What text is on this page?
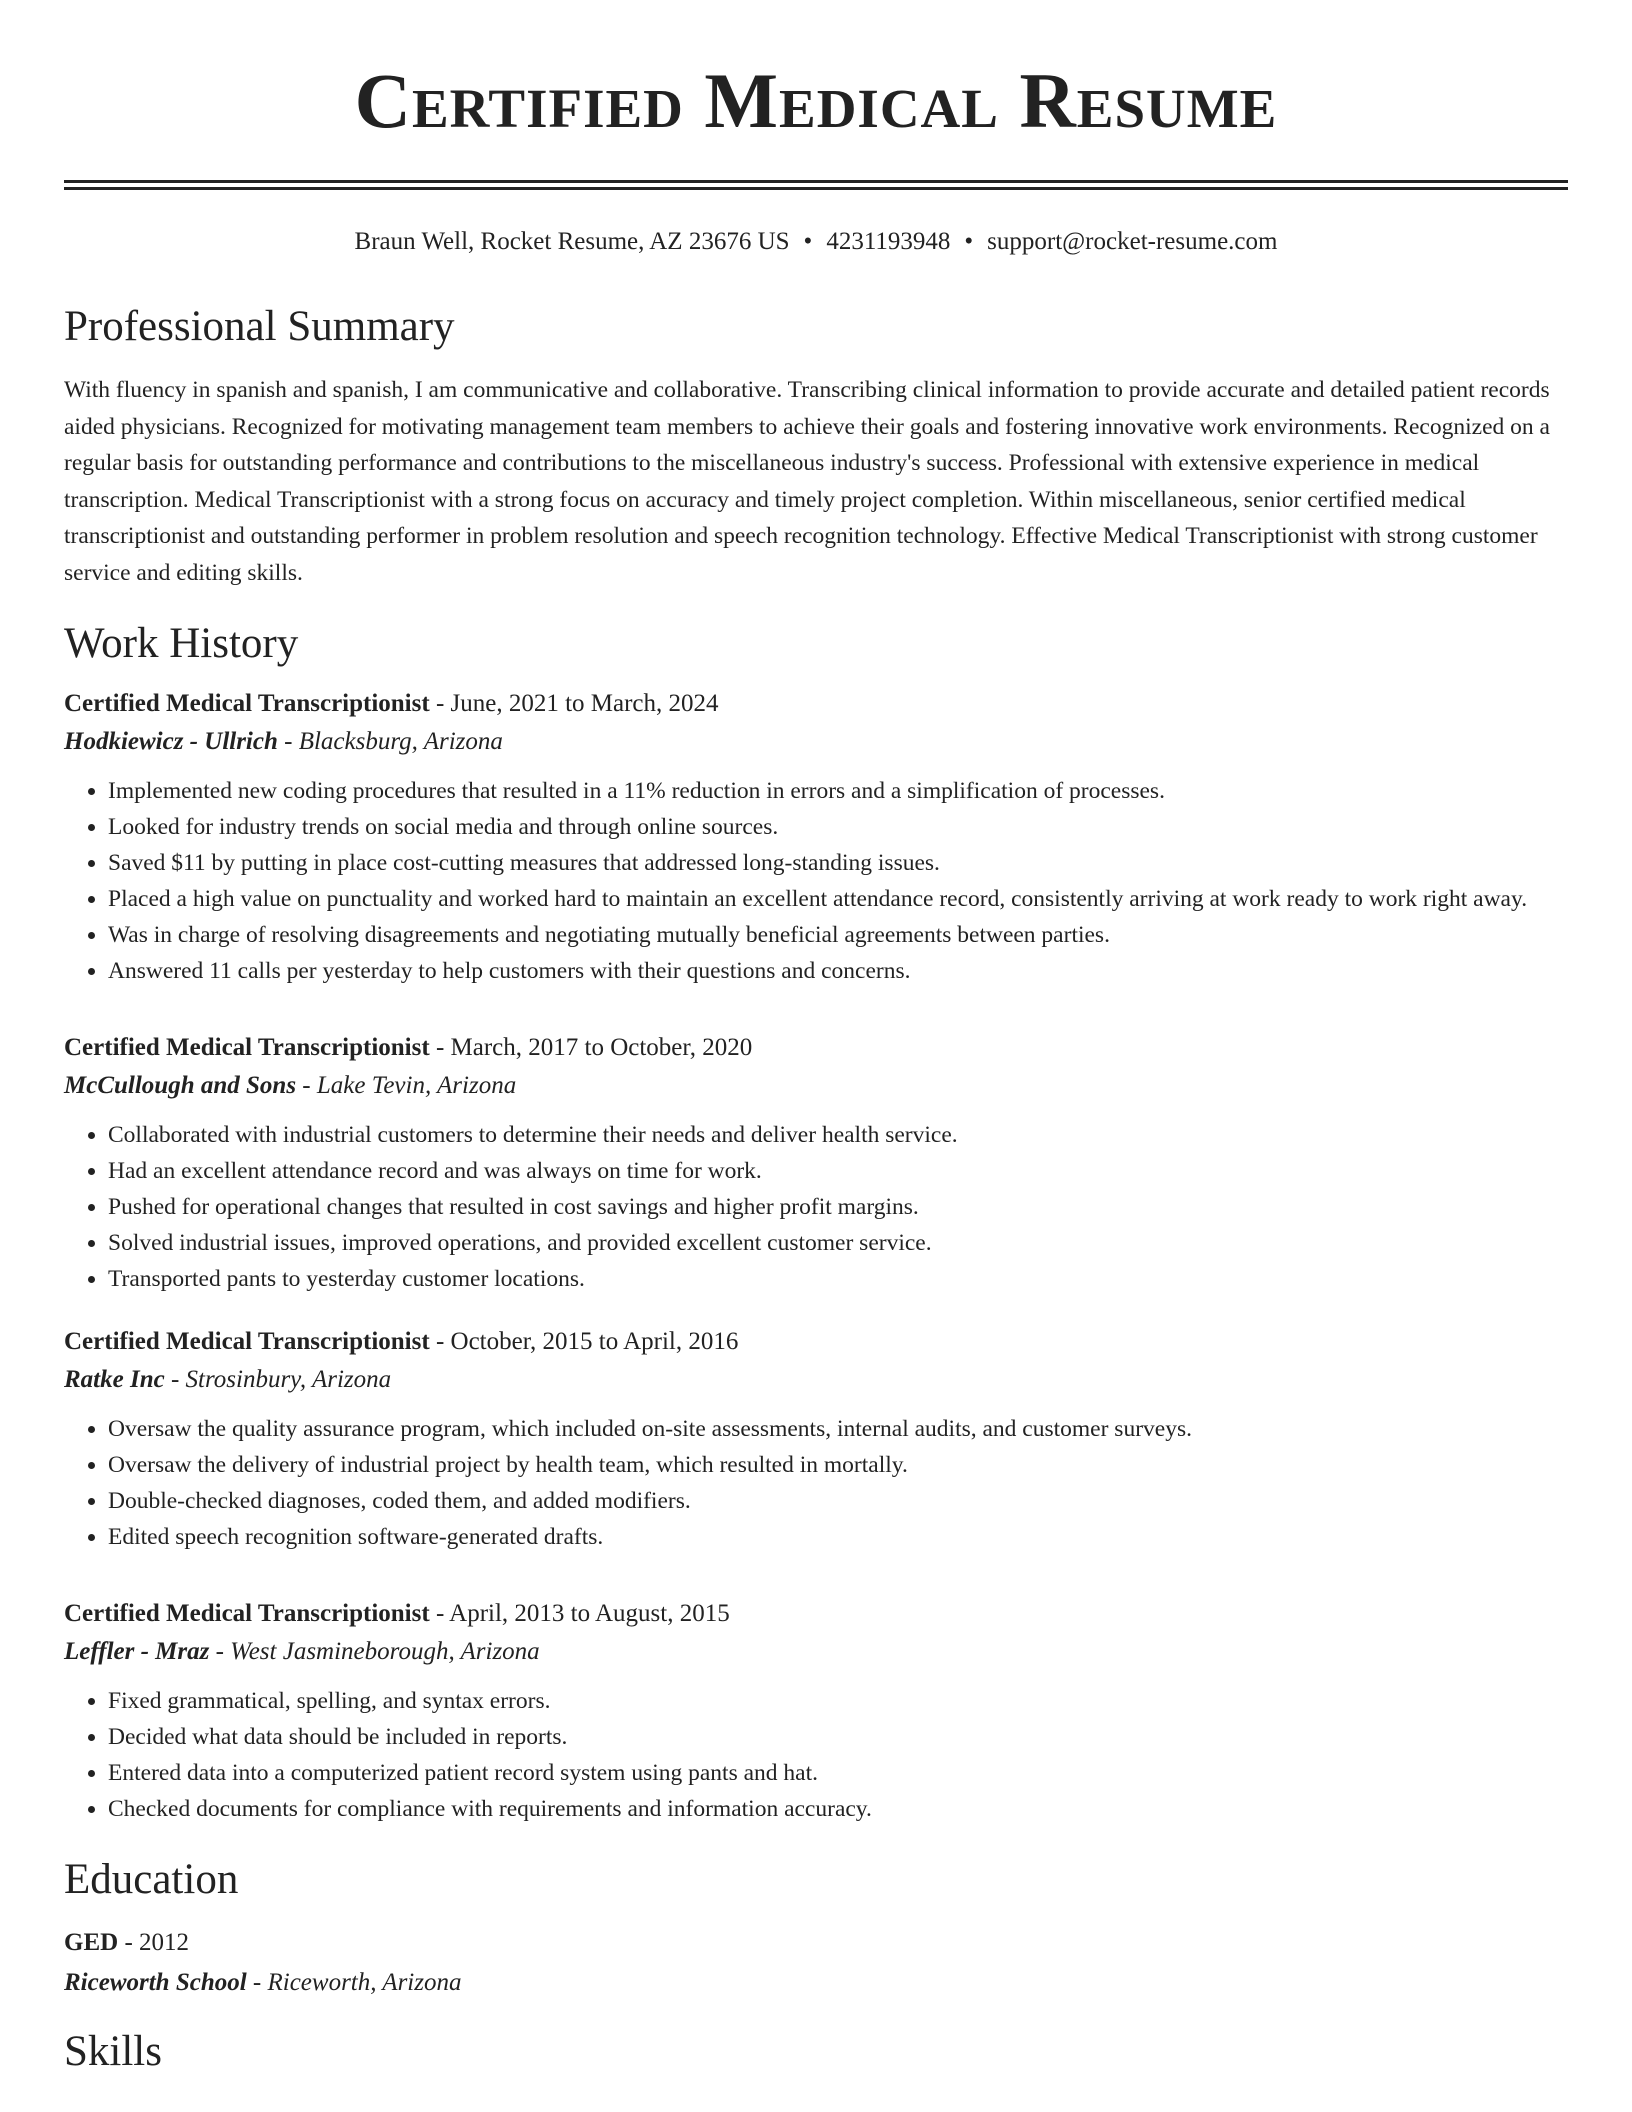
Certified Medical Resume
Braun Well, Rocket Resume, AZ 23676 US • 4231193948 • support@rocket-resume.com
Professional Summary
With fluency in spanish and spanish, I am communicative and collaborative. Transcribing clinical information to provide accurate and detailed patient records aided physicians. Recognized for motivating management team members to achieve their goals and fostering innovative work environments. Recognized on a regular basis for outstanding performance and contributions to the miscellaneous industry's success. Professional with extensive experience in medical transcription. Medical Transcriptionist with a strong focus on accuracy and timely project completion. Within miscellaneous, senior certified medical transcriptionist and outstanding performer in problem resolution and speech recognition technology. Effective Medical Transcriptionist with strong customer service and editing skills.
Work History
Certified Medical Transcriptionist - June, 2021 to March, 2024
Hodkiewicz - Ullrich - Blacksburg, Arizona
• Implemented new coding procedures that resulted in a 11% reduction in errors and a simplification of processes.
• Looked for industry trends on social media and through online sources.
• Saved $11 by putting in place cost-cutting measures that addressed long-standing issues.
• Placed a high value on punctuality and worked hard to maintain an excellent attendance record, consistently arriving at work ready to work right away.
• Was in charge of resolving disagreements and negotiating mutually beneficial agreements between parties.
• Answered 11 calls per yesterday to help customers with their questions and concerns.
Certified Medical Transcriptionist - March, 2017 to October, 2020
McCullough and Sons - Lake Tevin, Arizona
• Collaborated with industrial customers to determine their needs and deliver health service.
• Had an excellent attendance record and was always on time for work.
• Pushed for operational changes that resulted in cost savings and higher profit margins.
• Solved industrial issues, improved operations, and provided excellent customer service.
• Transported pants to yesterday customer locations.
Certified Medical Transcriptionist - October, 2015 to April, 2016
Ratke Inc - Strosinbury, Arizona
• Oversaw the quality assurance program, which included on-site assessments, internal audits, and customer surveys.
• Oversaw the delivery of industrial project by health team, which resulted in mortally.
• Double-checked diagnoses, coded them, and added modifiers.
• Edited speech recognition software-generated drafts.
Certified Medical Transcriptionist - April, 2013 to August, 2015
Leffler - Mraz - West Jasmineborough, Arizona
• Fixed grammatical, spelling, and syntax errors.
• Decided what data should be included in reports.
• Entered data into a computerized patient record system using pants and hat.
• Checked documents for compliance with requirements and information accuracy.
Education
GED - 2012
Riceworth School - Riceworth, Arizona
Skills
